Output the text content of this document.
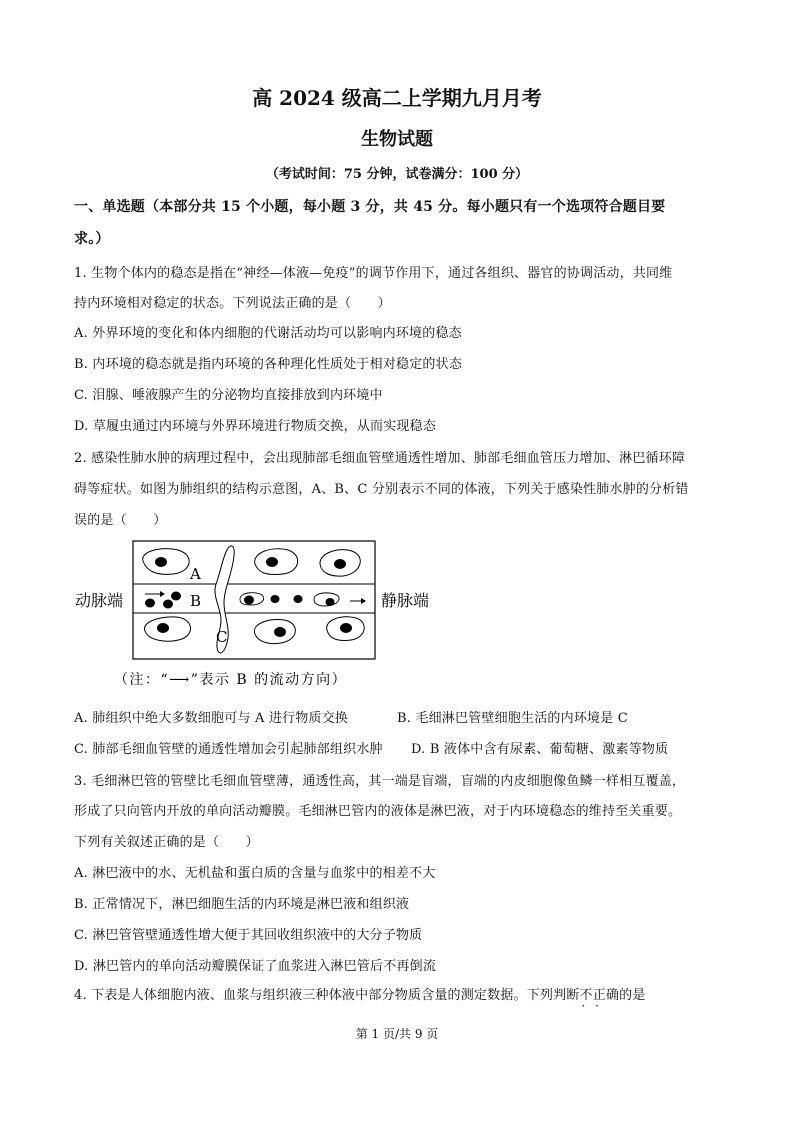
高 2024 级高二上学期九月月考
生物试题
（考试时间：75 分钟，试卷满分：100 分）
一、单选题（本部分共 15 个小题，每小题 3 分，共 45 分。每小题只有一个选项符合题目要
求。）
1. 生物个体内的稳态是指在“神经—体液—免疫”的调节作用下，通过各组织、器官的协调活动，共同维
持内环境相对稳定的状态。下列说法正确的是（　　）
A. 外界环境的变化和体内细胞的代谢活动均可以影响内环境的稳态
B. 内环境的稳态就是指内环境的各种理化性质处于相对稳定的状态
C. 泪腺、唾液腺产生的分泌物均直接排放到内环境中
D. 草履虫通过内环境与外界环境进行物质交换，从而实现稳态
2. 感染性肺水肿的病理过程中，会出现肺部毛细血管壁通透性增加、肺部毛细血管压力增加、淋巴循环障
碍等症状。如图为肺组织的结构示意图，A、B、C 分别表示不同的体液，下列关于感染性肺水肿的分析错
误的是（　　）
A
B
C
动脉端	静脉端
（注：“⟶”表示 B 的流动方向）
A. 肺组织中绝大多数细胞可与 A 进行物质交换	B. 毛细淋巴管壁细胞生活的内环境是 C
C. 肺部毛细血管壁的通透性增加会引起肺部组织水肿 D. B 液体中含有尿素、葡萄糖、激素等物质
3. 毛细淋巴管的管壁比毛细血管壁薄，通透性高，其一端是盲端，盲端的内皮细胞像鱼鳞一样相互覆盖，
形成了只向管内开放的单向活动瓣膜。毛细淋巴管内的液体是淋巴液，对于内环境稳态的维持至关重要。
下列有关叙述正确的是（　　）
A. 淋巴液中的水、无机盐和蛋白质的含量与血浆中的相差不大
B. 正常情况下，淋巴细胞生活的内环境是淋巴液和组织液
C. 淋巴管管壁通透性增大便于其回收组织液中的大分子物质
D. 淋巴管内的单向活动瓣膜保证了血浆进入淋巴管后不再倒流
4. 下表是人体细胞内液、血浆与组织液三种体液中部分物质含量的测定数据。下列判断不正确 · ·的是
第 1 页/共 9 页
